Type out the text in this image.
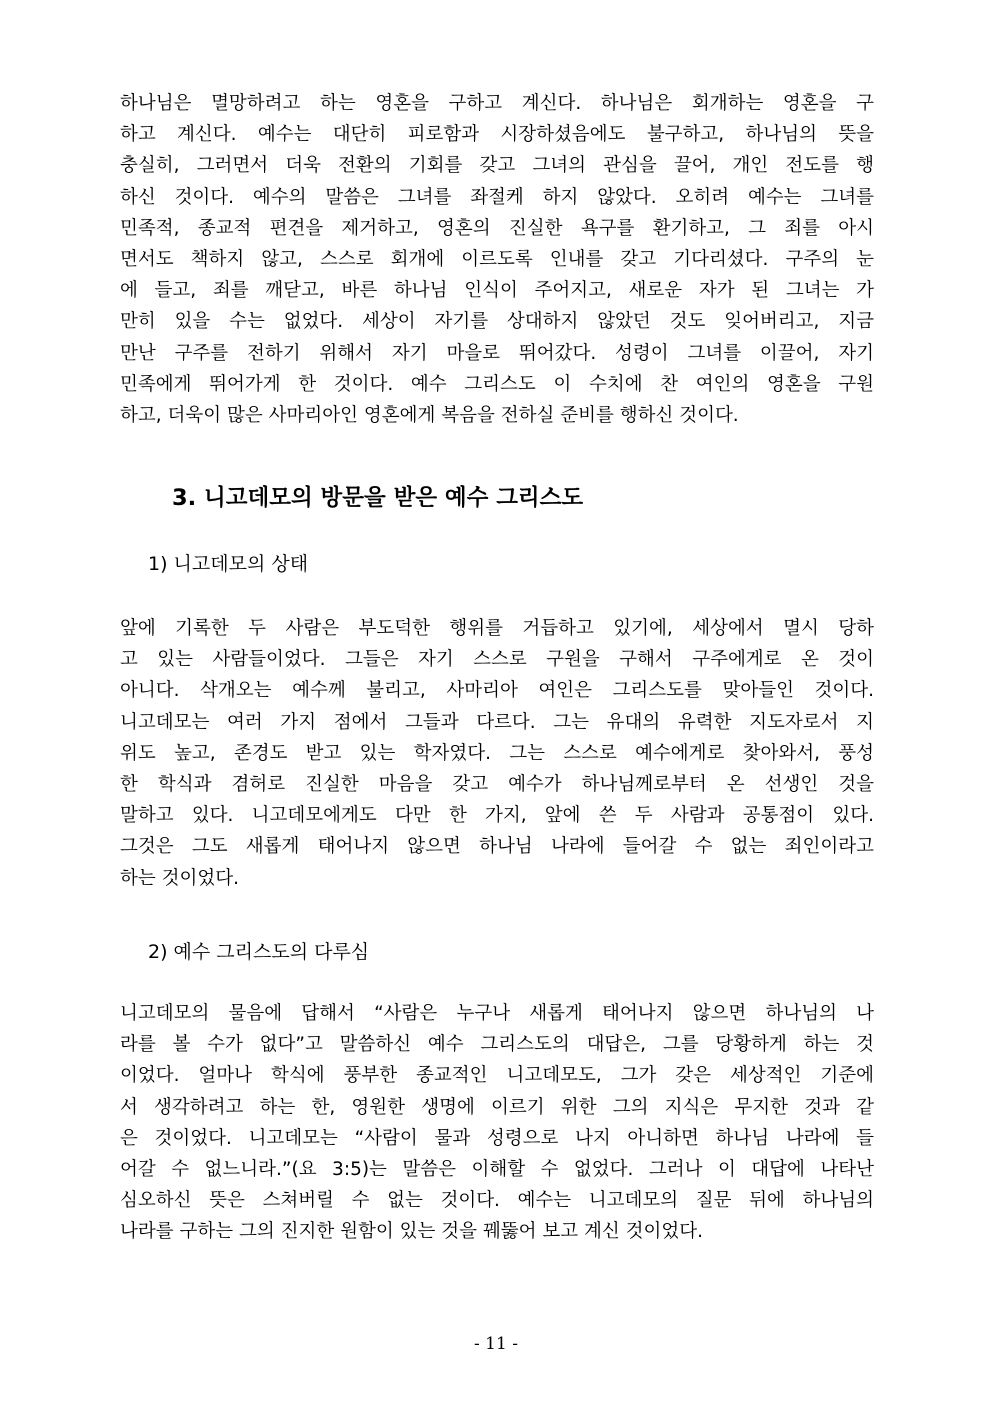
하나님은 멸망하려고 하는 영혼을 구하고 계신다. 하나님은 회개하는 영혼을 구
하고 계신다. 예수는 대단히 피로함과 시장하셨음에도 불구하고, 하나님의 뜻을
충실히, 그러면서 더욱 전환의 기회를 갖고 그녀의 관심을 끌어, 개인 전도를 행
하신 것이다. 예수의 말씀은 그녀를 좌절케 하지 않았다. 오히려 예수는 그녀를
민족적, 종교적 편견을 제거하고, 영혼의 진실한 욕구를 환기하고, 그 죄를 아시
면서도 책하지 않고, 스스로 회개에 이르도록 인내를 갖고 기다리셨다. 구주의 눈
에 들고, 죄를 깨닫고, 바른 하나님 인식이 주어지고, 새로운 자가 된 그녀는 가
만히 있을 수는 없었다. 세상이 자기를 상대하지 않았던 것도 잊어버리고, 지금
만난 구주를 전하기 위해서 자기 마을로 뛰어갔다. 성령이 그녀를 이끌어, 자기
민족에게 뛰어가게 한 것이다. 예수 그리스도 이 수치에 찬 여인의 영혼을 구원
하고, 더욱이 많은 사마리아인 영혼에게 복음을 전하실 준비를 행하신 것이다.
3. 니고데모의 방문을 받은 예수 그리스도
1) 니고데모의 상태
앞에 기록한 두 사람은 부도덕한 행위를 거듭하고 있기에, 세상에서 멸시 당하
고 있는 사람들이었다. 그들은 자기 스스로 구원을 구해서 구주에게로 온 것이
아니다. 삭개오는 예수께 불리고, 사마리아 여인은 그리스도를 맞아들인 것이다.
니고데모는 여러 가지 점에서 그들과 다르다. 그는 유대의 유력한 지도자로서 지
위도 높고, 존경도 받고 있는 학자였다. 그는 스스로 예수에게로 찾아와서, 풍성
한 학식과 겸허로 진실한 마음을 갖고 예수가 하나님께로부터 온 선생인 것을
말하고 있다. 니고데모에게도 다만 한 가지, 앞에 쓴 두 사람과 공통점이 있다.
그것은 그도 새롭게 태어나지 않으면 하나님 나라에 들어갈 수 없는 죄인이라고
하는 것이었다.
2) 예수 그리스도의 다루심
니고데모의 물음에 답해서 “사람은 누구나 새롭게 태어나지 않으면 하나님의 나
라를 볼 수가 없다”고 말씀하신 예수 그리스도의 대답은, 그를 당황하게 하는 것
이었다. 얼마나 학식에 풍부한 종교적인 니고데모도, 그가 갖은 세상적인 기준에
서 생각하려고 하는 한, 영원한 생명에 이르기 위한 그의 지식은 무지한 것과 같
은 것이었다. 니고데모는 “사람이 물과 성령으로 나지 아니하면 하나님 나라에 들
어갈 수 없느니라.”(요 3:5)는 말씀은 이해할 수 없었다. 그러나 이 대답에 나타난
심오하신 뜻은 스쳐버릴 수 없는 것이다. 예수는 니고데모의 질문 뒤에 하나님의
나라를 구하는 그의 진지한 원함이 있는 것을 꿰뚫어 보고 계신 것이었다.
- 11 -
